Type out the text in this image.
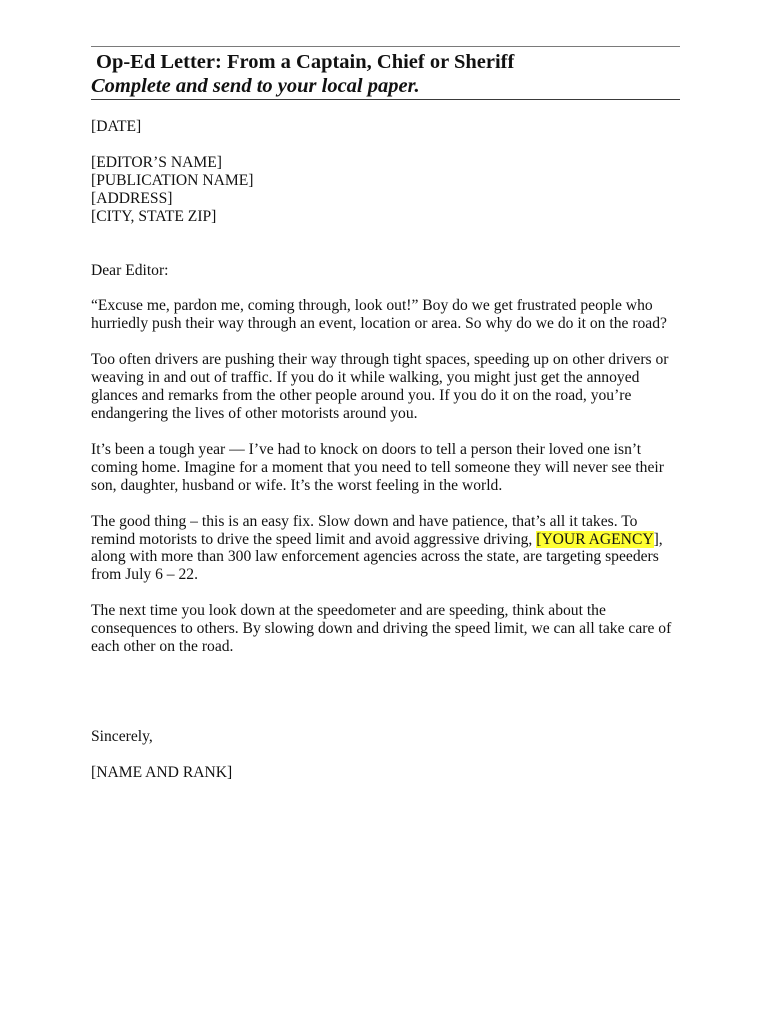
Op-Ed Letter: From a Captain, Chief or Sheriff

Complete and send to your local paper.

[DATE]

[EDITOR’S NAME]

[PUBLICATION NAME]

[ADDRESS]

[CITY, STATE ZIP]

Dear Editor:

“Excuse me, pardon me, coming through, look out!” Boy do we get frustrated people who hurriedly push their way through an event, location or area. So why do we do it on the road?

Too often drivers are pushing their way through tight spaces, speeding up on other drivers or weaving in and out of traffic. If you do it while walking, you might just get the annoyed glances and remarks from the other people around you. If you do it on the road, you’re endangering the lives of other motorists around you.

It’s been a tough year — I’ve had to knock on doors to tell a person their loved one isn’t coming home. Imagine for a moment that you need to tell someone they will never see their son, daughter, husband or wife. It’s the worst feeling in the world.

The good thing – this is an easy fix. Slow down and have patience, that’s all it takes. To remind motorists to drive the speed limit and avoid aggressive driving, [YOUR AGENCY], along with more than 300 law enforcement agencies across the state, are targeting speeders from July 6 – 22.

The next time you look down at the speedometer and are speeding, think about the consequences to others. By slowing down and driving the speed limit, we can all take care of each other on the road.

Sincerely,

[NAME AND RANK]
